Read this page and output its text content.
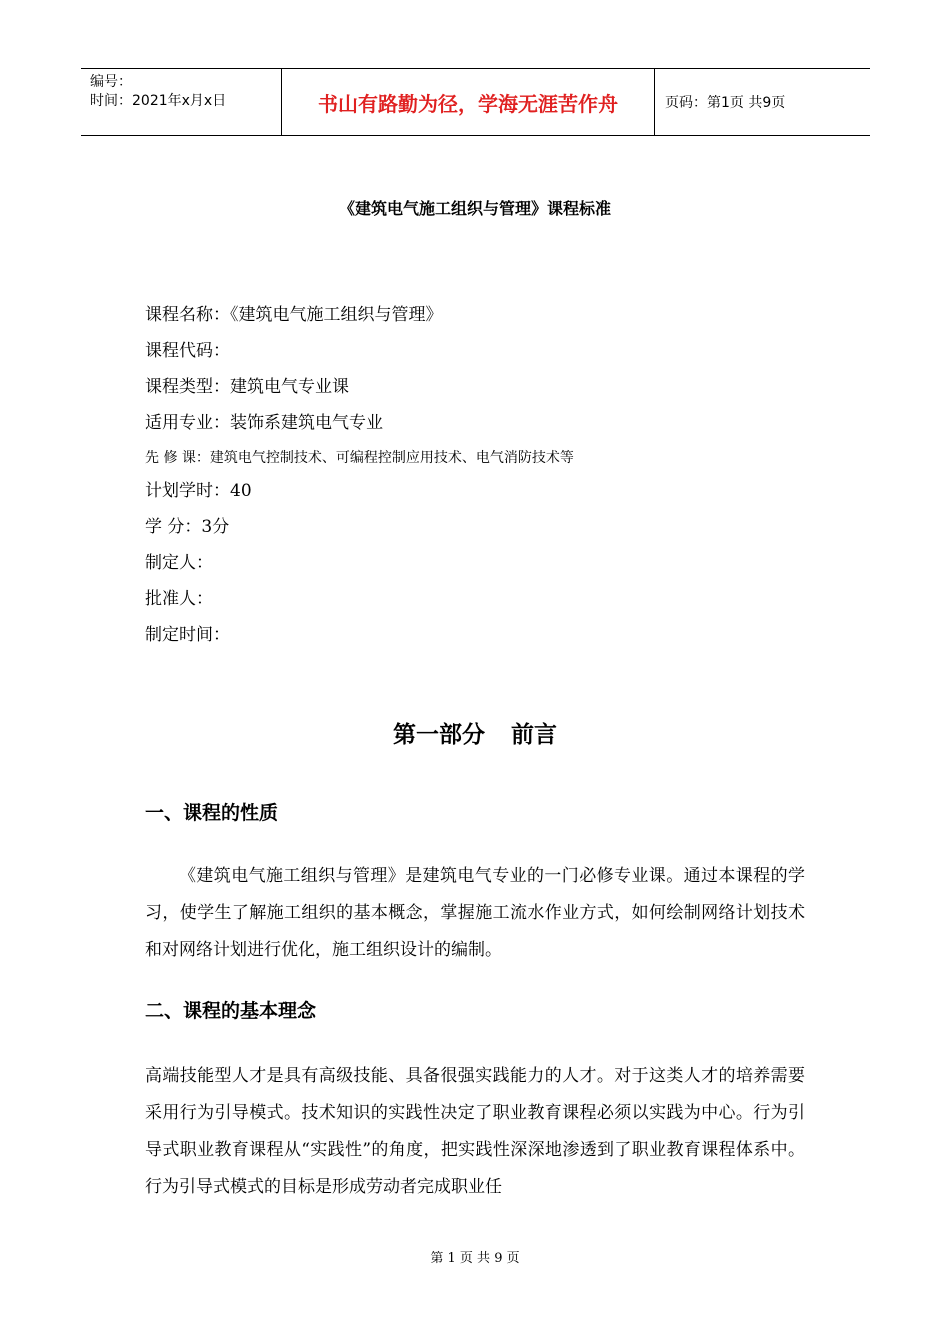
编号：
时间：2021年x月x日	书山有路勤为径，学海无涯苦作舟	页码：第1页 共9页
《建筑电气施工组织与管理》课程标准
课程名称：《建筑电气施工组织与管理》
课程代码：
课程类型：建筑电气专业课
适用专业：装饰系建筑电气专业
先 修 课：建筑电气控制技术、可编程控制应用技术、电气消防技术等
计划学时：40
学 分：3分
制定人：
批准人：
制定时间：
第一部分 前言
一、课程的性质
《建筑电气施工组织与管理》是建筑电气专业的一门必修专业课。通过本课程的学习，使学生了解施工组织的基本概念，掌握施工流水作业方式，如何绘制网络计划技术和对网络计划进行优化，施工组织设计的编制。
二、课程的基本理念
高端技能型人才是具有高级技能、具备很强实践能力的人才。对于这类人才的培养需要采用行为引导模式。技术知识的实践性决定了职业教育课程必须以实践为中心。行为引导式职业教育课程从“实践性”的角度，把实践性深深地渗透到了职业教育课程体系中。行为引导式模式的目标是形成劳动者完成职业任
第 1 页 共 9 页
